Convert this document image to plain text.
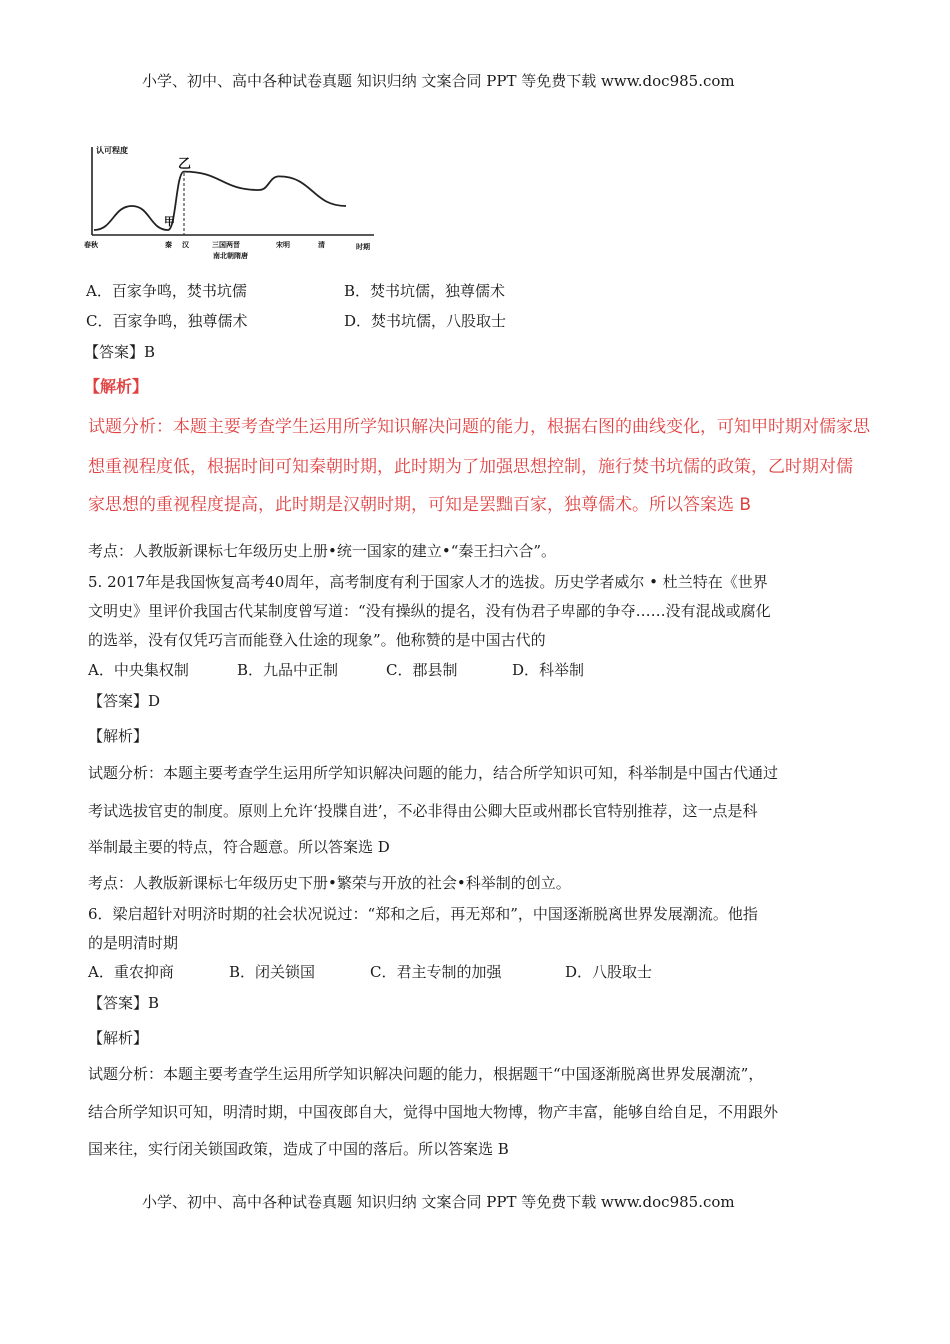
小学、初中、高中各种试卷真题 知识归纳 文案合同 PPT 等免费下载 www.doc985.com
认可程度
时期
甲
乙
春秋	秦 汉	三国两晋
南北朝隋唐
宋明	清
A．百家争鸣，焚书坑儒	B．焚书坑儒，独尊儒术
C．百家争鸣，独尊儒术	D．焚书坑儒，八股取士
【答案】B
【解析】
试题分析：本题主要考查学生运用所学知识解决问题的能力，根据右图的曲线变化，可知甲时期对儒家思
想重视程度低，根据时间可知秦朝时期，此时期为了加强思想控制，施行焚书坑儒的政策，乙时期对儒
家思想的重视程度提高，此时期是汉朝时期，可知是罢黜百家，独尊儒术。所以答案选 B
考点：人教版新课标七年级历史上册•统一国家的建立•“秦王扫六合”。
5. 2017年是我国恢复高考40周年，高考制度有利于国家人才的选拔。历史学者威尔 • 杜兰特在《世界
文明史》里评价我国古代某制度曾写道：“没有操纵的提名，没有伪君子卑鄙的争夺……没有混战或腐化
的选举，没有仅凭巧言而能登入仕途的现象”。他称赞的是中国古代的
A．中央集权制	B．九品中正制	C．郡县制	D．科举制
【答案】D
【解析】
试题分析：本题主要考查学生运用所学知识解决问题的能力，结合所学知识可知，科举制是中国古代通过
考试选拔官吏的制度。原则上允许‘投牒自进’，不必非得由公卿大臣或州郡长官特别推荐，这一点是科
举制最主要的特点，符合题意。所以答案选 D
考点：人教版新课标七年级历史下册•繁荣与开放的社会•科举制的创立。
6．梁启超针对明济时期的社会状况说过：“郑和之后，再无郑和”，中国逐渐脱离世界发展潮流。他指
的是明清时期
A．重农抑商	B．闭关锁国	C．君主专制的加强	D．八股取士
【答案】B
【解析】
试题分析：本题主要考查学生运用所学知识解决问题的能力，根据题干“中国逐渐脱离世界发展潮流”，
结合所学知识可知，明清时期，中国夜郎自大，觉得中国地大物博，物产丰富，能够自给自足，不用跟外
国来往，实行闭关锁国政策，造成了中国的落后。所以答案选 B
小学、初中、高中各种试卷真题 知识归纳 文案合同 PPT 等免费下载 www.doc985.com
